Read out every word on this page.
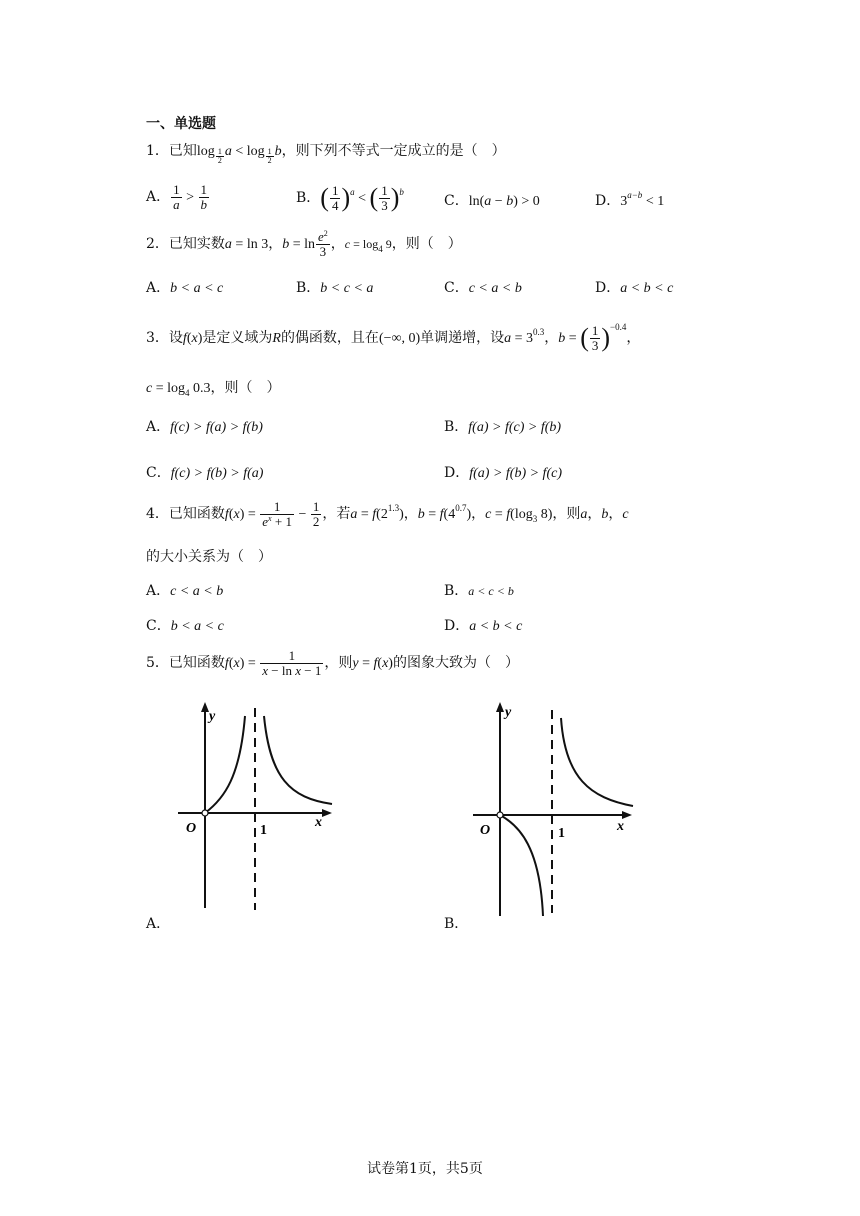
一、单选题
1．已知log $_{\frac{1}{2}}$ a < log $_{\frac{1}{2}}$ b，则下列不等式一定成立的是（　）
A． $\frac{1}{a} > \frac{1}{b}$	B．( $\frac{1}{4} )^a$ < ( $\frac{1}{3} )^b$
C．ln(a − b) > 0	D．$3^{a-b} < 1$
2．已知实数a = ln 3，$b = \ln \frac{e^2}{3}$ ，$c = \log_4 9$，则（　）
A．b < a < c	B．b < c < a	C．c < a < b	D．a < b < c
3．设f(x)是定义域为R的偶函数，且在(−∞, 0)单调递增，设$a = 3^{0.3}$，b = ( $\frac{1}{3} )^{-0.4}$，
$c = \log_4 0.3$，则（　）
A．f(c) > f(a) > f(b)	B．f(a) > f(c) > f(b)
C．f(c) > f(b) > f(a)	D．f(a) > f(b) > f(c)
4．已知函数$f(x) = \frac{1}{e^x + 1} - \frac{1}{2}$ ，若$a = f(2^{1.3})$，$b = f(4^{0.7})$，$c = f(\log_3$ 8)，则a，b，c
的大小关系为（　）
A．c < a < b	B．a < c < b
C．b < a < c	D．a < b < c
5．已知函数$f(x) = \frac{1}{\text{x − ln x − 1}}$ ，则y = f(x)的图象大致为（　）
y
x
O	1
A．
y
x
O	1
B．
试卷第1页，共5页
